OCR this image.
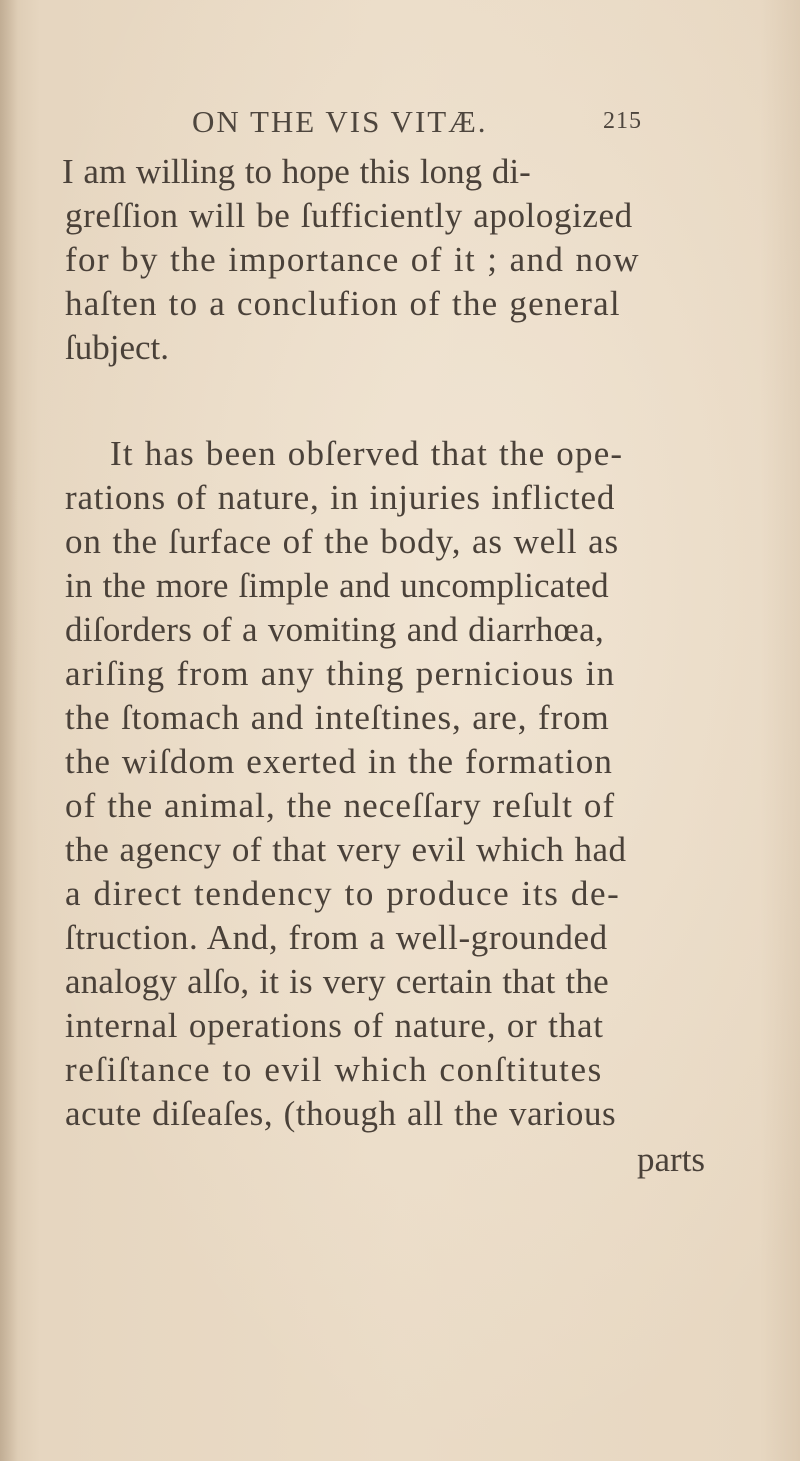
ON THE VIS VITÆ.	215
I am willing to hope this long di-
greſſion will be ſufficiently apologized
for by the importance of it ; and now
haſten to a conclufion of the general
ſubject.
It has been obſerved that the ope-
rations of nature, in injuries inflicted
on the ſurface of the body, as well as
in the more ſimple and uncomplicated
diſorders of a vomiting and diarrhœa,
ariſing from any thing pernicious in
the ſtomach and inteſtines, are, from
the wiſdom exerted in the formation
of the animal, the neceſſary reſult of
the agency of that very evil which had
a direct tendency to produce its de-
ſtruction. And, from a well-grounded
analogy alſo, it is very certain that the
internal operations of nature, or that
reſiſtance to evil which conſtitutes
acute diſeaſes, (though all the various
parts
